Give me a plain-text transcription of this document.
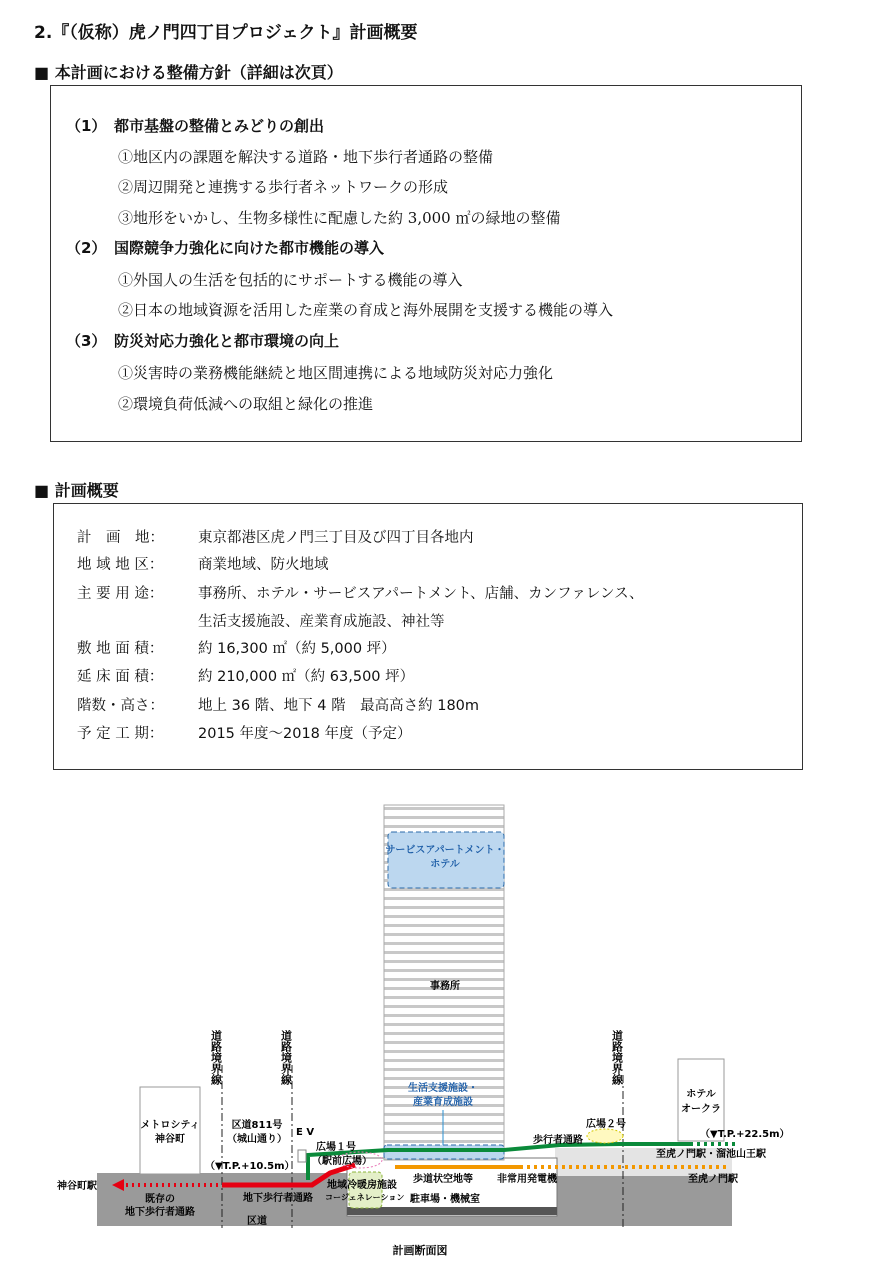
2.『（仮称）虎ノ門四丁目プロジェクト』計画概要
■ 本計画における整備方針（詳細は次頁）
（1） 都市基盤の整備とみどりの創出
①地区内の課題を解決する道路・地下歩行者通路の整備
②周辺開発と連携する歩行者ネットワークの形成
③地形をいかし、生物多様性に配慮した約 3,000 ㎡の緑地の整備
（2） 国際競争力強化に向けた都市機能の導入
①外国人の生活を包括的にサポートする機能の導入
②日本の地域資源を活用した産業の育成と海外展開を支援する機能の導入
（3） 防災対応力強化と都市環境の向上
①災害時の業務機能継続と地区間連携による地域防災対応力強化
②環境負荷低減への取組と緑化の推進
■ 計画概要
計　画　地： 東京都港区虎ノ門三丁目及び四丁目各地内
地 域 地 区： 商業地域、防火地域
主 要 用 途： 事務所、ホテル・サービスアパートメント、店舗、カンファレンス、
生活支援施設、産業育成施設、神社等
敷 地 面 積： 約 16,300 ㎡（約 5,000 坪）
延 床 面 積： 約 210,000 ㎡（約 63,500 坪）
階数・高さ： 地上 36 階、地下 4 階　最高高さ約 180m
予 定 工 期： 2015 年度～2018 年度（予定）
道路境界線	道路境界線	道路境界線
サービスアパートメント・
ホテル
事務所
生活支援施設・
産業育成施設
メトロシティ
神谷町
区道811号
（城山通り）
E V
広場１号
（駅前広場）
（▼T.P.+10.5m）
神谷町駅
既存の
地下歩行者通路
地下歩行者通路
区道
地域冷暖房施設
コージェネレーション
歩道状空地等 非常用発電機
駐車場・機械室
歩行者通路
広場２号
ホテル
オークラ
（▼T.P.+22.5m）
至虎ノ門駅・溜池山王駅
至虎ノ門駅
計画断面図
